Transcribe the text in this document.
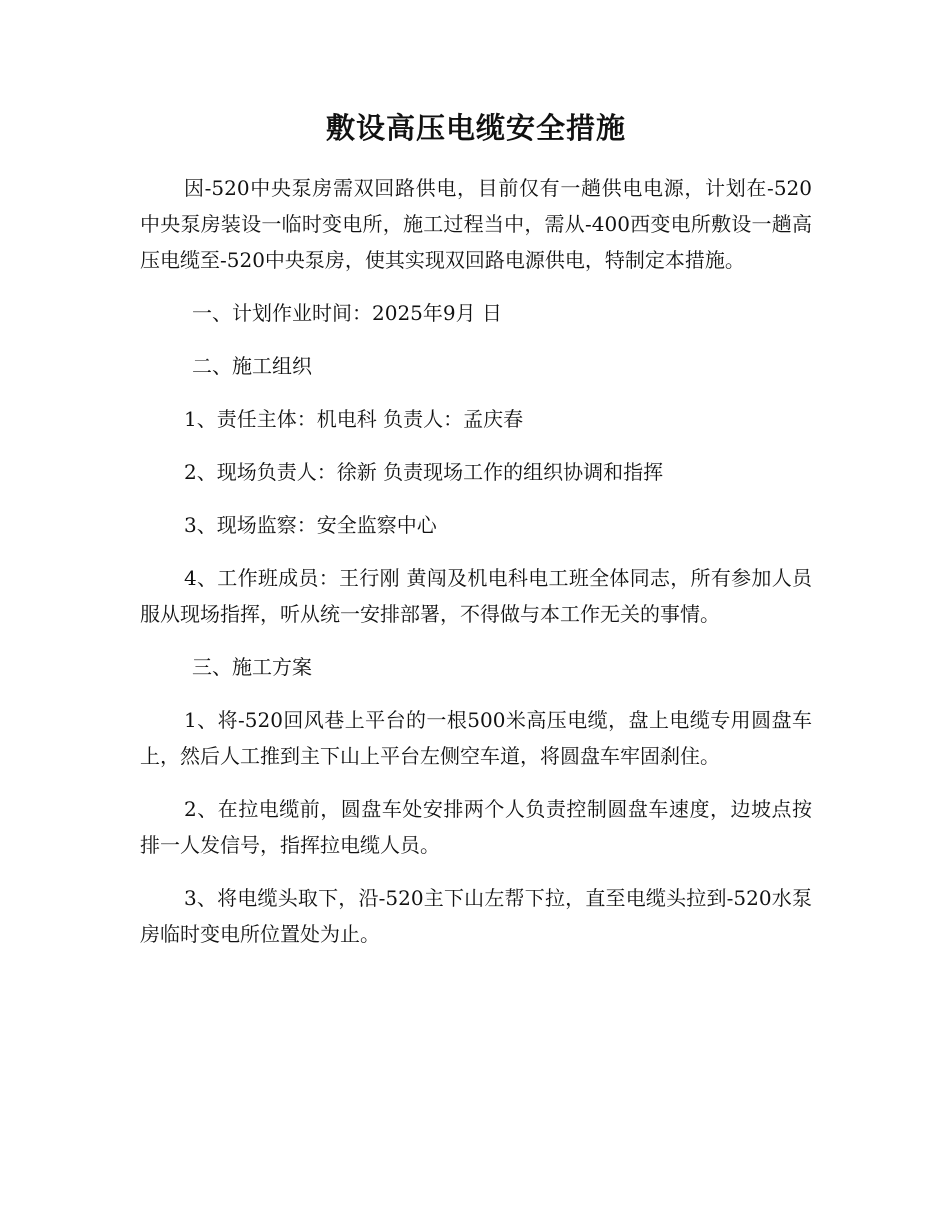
敷设高压电缆安全措施

因-520中央泵房需双回路供电，目前仅有一趟供电电源，计划在-520中央泵房装设一临时变电所，施工过程当中，需从-400西变电所敷设一趟高压电缆至-520中央泵房，使其实现双回路电源供电，特制定本措施。

一、计划作业时间：2025年9月 日

二、施工组织

1、责任主体：机电科 负责人：孟庆春

2、现场负责人：徐新 负责现场工作的组织协调和指挥

3、现场监察：安全监察中心

4、工作班成员：王行刚 黄闯及机电科电工班全体同志，所有参加人员服从现场指挥，听从统一安排部署，不得做与本工作无关的事情。

三、施工方案

1、将-520回风巷上平台的一根500米高压电缆，盘上电缆专用圆盘车上，然后人工推到主下山上平台左侧空车道，将圆盘车牢固刹住。

2、在拉电缆前，圆盘车处安排两个人负责控制圆盘车速度，边坡点按排一人发信号，指挥拉电缆人员。

3、将电缆头取下，沿-520主下山左帮下拉，直至电缆头拉到-520水泵房临时变电所位置处为止。
